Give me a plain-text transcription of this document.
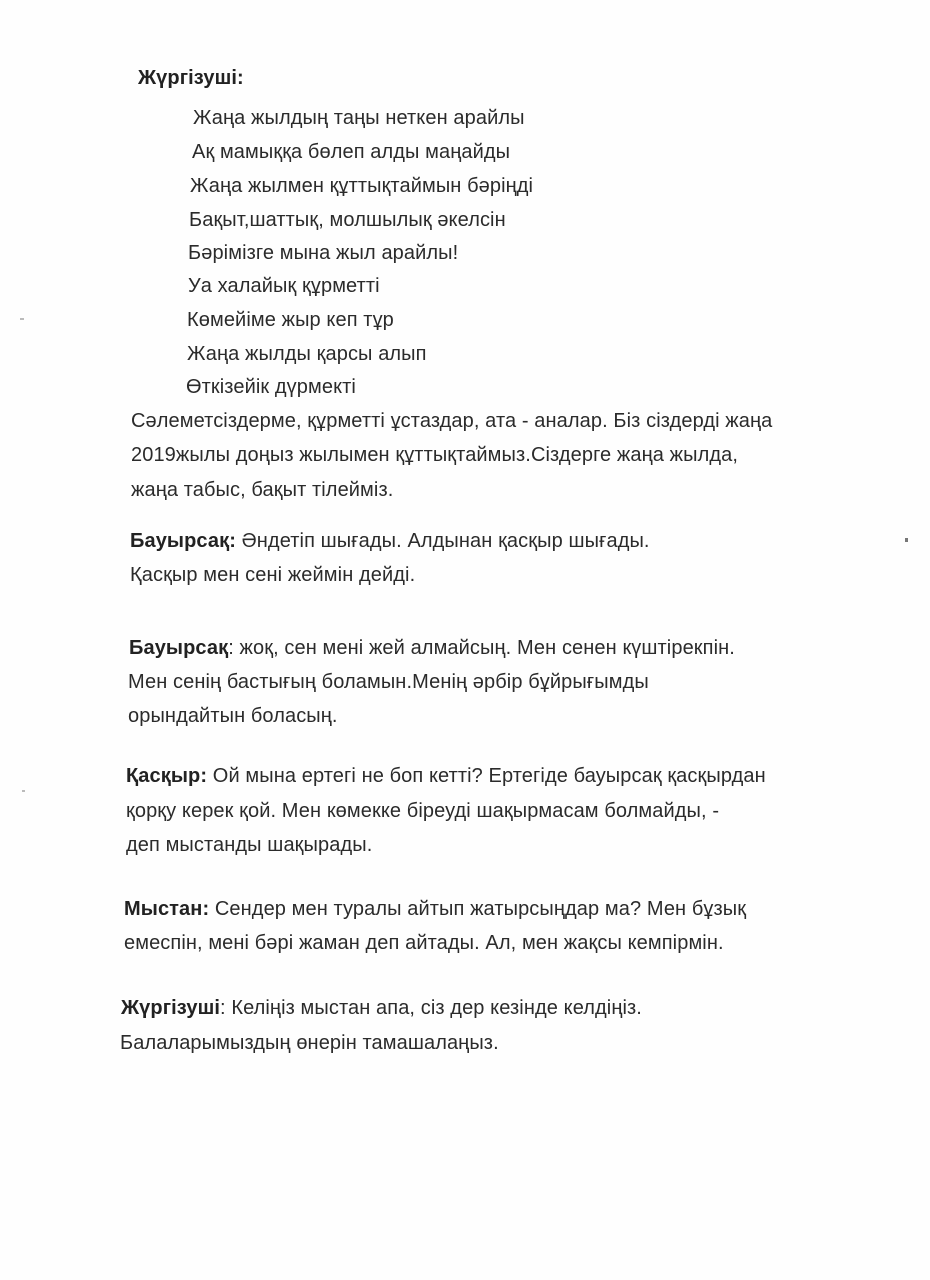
Жүргізуші:
Жаңа жылдың таңы неткен арайлы
Ақ мамыққа бөлеп алды маңайды
Жаңа жылмен құттықтаймын бәріңді
Бақыт,шаттық, молшылық әкелсін
Бәрімізге мына жыл арайлы!
Уа халайық құрметті
Көмейіме жыр кеп тұр
Жаңа жылды қарсы алып
Өткізейік дүрмекті
Сәлеметсіздерме, құрметті ұстаздар, ата - аналар. Біз сіздерді жаңа
2019жылы доңыз жылымен құттықтаймыз.Сіздерге жаңа жылда,
жаңа табыс, бақыт тілейміз.
Бауырсақ: Әндетіп шығады. Алдынан қасқыр шығады.
Қасқыр мен сені жеймін дейді.
Бауырсақ: жоқ, сен мені жей алмайсың. Мен сенен күштірекпін.
Мен сенің бастығың боламын.Менің әрбір бұйрығымды
орындайтын боласың.
Қасқыр: Ой мына ертегі не боп кетті? Ертегіде бауырсақ қасқырдан
қорқу керек қой. Мен көмекке біреуді шақырмасам болмайды, -
деп мыстанды шақырады.
Мыстан: Сендер мен туралы айтып жатырсыңдар ма? Мен бұзық
емеспін, мені бәрі жаман деп айтады. Ал, мен жақсы кемпірмін.
Жүргізуші: Келіңіз мыстан апа, сіз дер кезінде келдіңіз.
Балаларымыздың өнерін тамашалаңыз.
